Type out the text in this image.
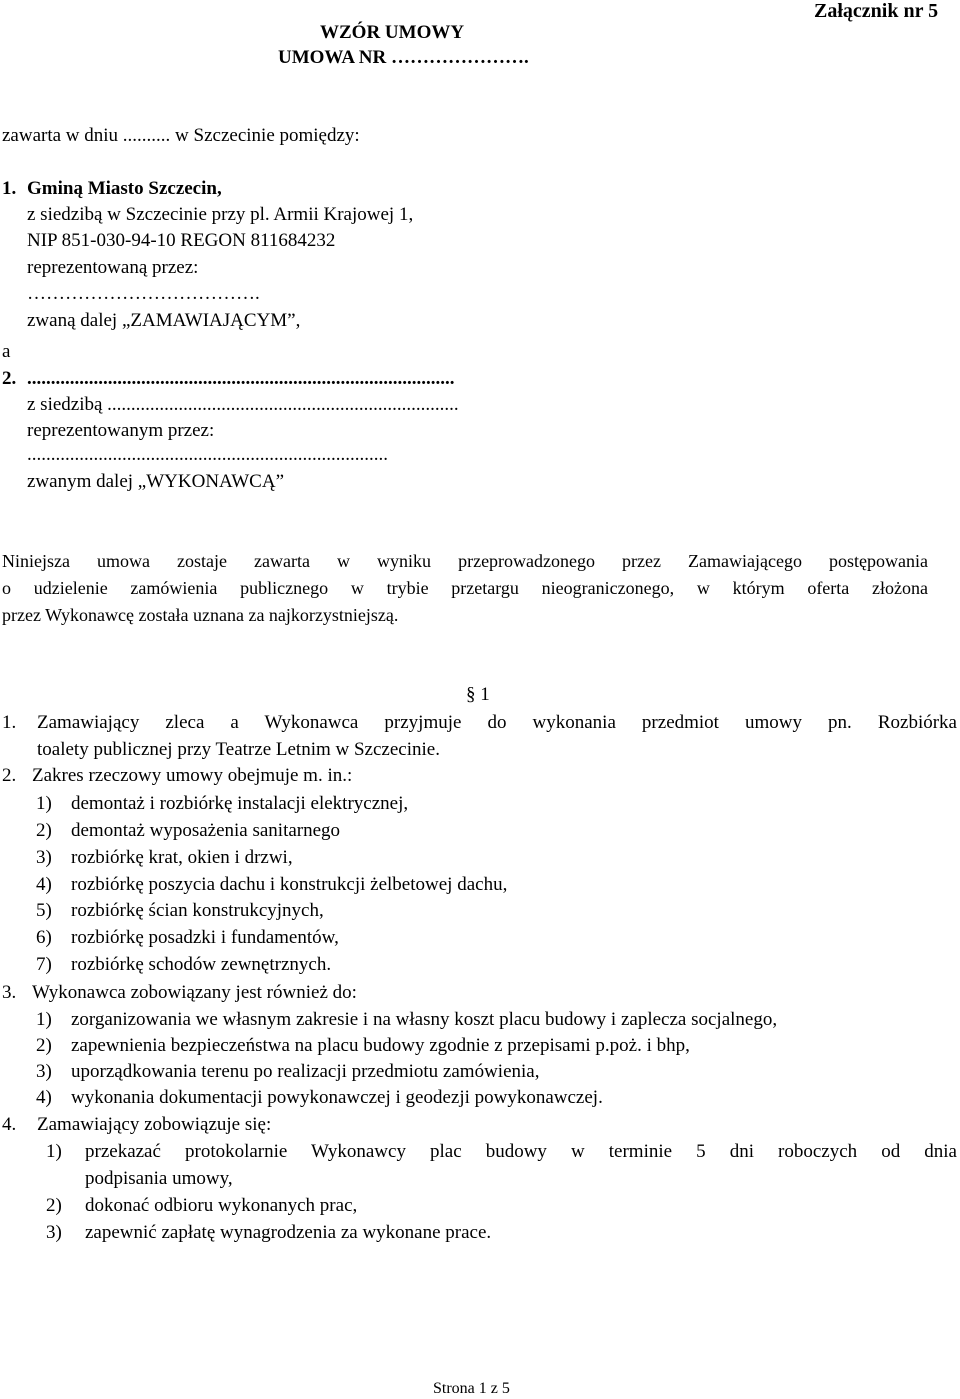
Załącznik nr 5
WZÓR UMOWY
UMOWA NR ………………….
zawarta w dniu .......... w Szczecinie pomiędzy:
1. Gminą Miasto Szczecin,
z siedzibą w Szczecinie przy pl. Armii Krajowej 1,
NIP 851-030-94-10 REGON 811684232
reprezentowaną przez:
……………………………….
zwaną dalej „ZAMAWIAJĄCYM”,
a
2. ..........................................................................................
z siedzibą ..........................................................................
reprezentowanym przez:
............................................................................
zwanym dalej „WYKONAWCĄ”
Niniejsza umowa zostaje zawarta w wyniku przeprowadzonego przez Zamawiającego postępowania
o udzielenie zamówienia publicznego w trybie przetargu nieograniczonego, w którym oferta złożona
przez Wykonawcę została uznana za najkorzystniejszą.
§ 1
1. Zamawiający zleca a Wykonawca przyjmuje do wykonania przedmiot umowy pn. Rozbiórka
toalety publicznej przy Teatrze Letnim w Szczecinie.
2. Zakres rzeczowy umowy obejmuje m. in.:
1) demontaż i rozbiórkę instalacji elektrycznej,
2) demontaż wyposażenia sanitarnego
3) rozbiórkę krat, okien i drzwi,
4) rozbiórkę poszycia dachu i konstrukcji żelbetowej dachu,
5) rozbiórkę ścian konstrukcyjnych,
6) rozbiórkę posadzki i fundamentów,
7) rozbiórkę schodów zewnętrznych.
3. Wykonawca zobowiązany jest również do:
1) zorganizowania we własnym zakresie i na własny koszt placu budowy i zaplecza socjalnego,
2) zapewnienia bezpieczeństwa na placu budowy zgodnie z przepisami p.poż. i bhp,
3) uporządkowania terenu po realizacji przedmiotu zamówienia,
4) wykonania dokumentacji powykonawczej i geodezji powykonawczej.
4. Zamawiający zobowiązuje się:
1) przekazać protokolarnie Wykonawcy plac budowy w terminie 5 dni roboczych od dnia
podpisania umowy,
2) dokonać odbioru wykonanych prac,
3) zapewnić zapłatę wynagrodzenia za wykonane prace.
Strona 1 z 5
